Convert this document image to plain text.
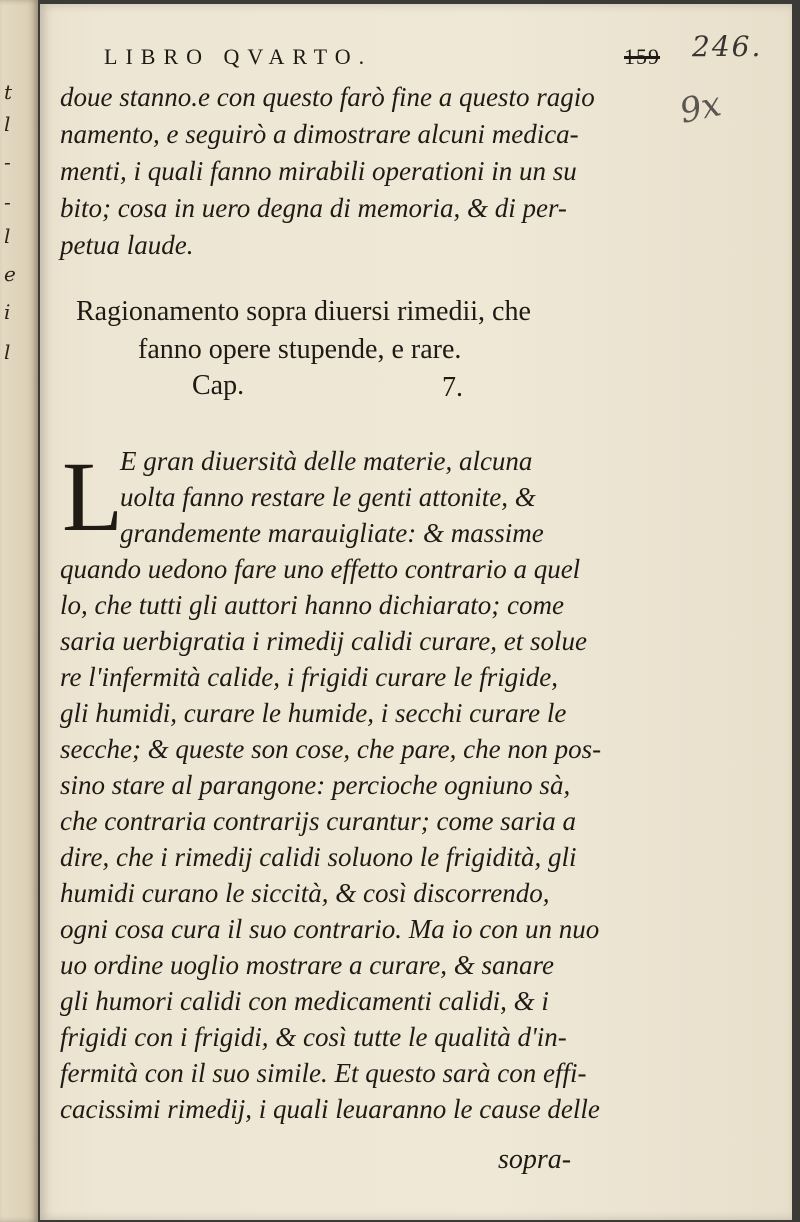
t
l
-
-
l
e
i
l
LIBRO QVARTO.	159 246.
9x
doue stanno.e con questo farò fine a questo ragio
namento, e seguirò a dimostrare alcuni medica-
menti, i quali fanno mirabili operationi in un su
bito; cosa in uero degna di memoria, & di per-
petua laude.
Ragionamento sopra diuersi rimedii, che
fanno opere stupende, e rare.
Cap.	7.
L
E gran diuersità delle materie, alcuna
uolta fanno restare le genti attonite, &
grandemente marauigliate: & massime
quando uedono fare uno effetto contrario a quel
lo, che tutti gli auttori hanno dichiarato; come
saria uerbigratia i rimedij calidi curare, et solue
re l'infermità calide, i frigidi curare le frigide,
gli humidi, curare le humide, i secchi curare le
secche; & queste son cose, che pare, che non pos-
sino stare al parangone: percioche ogniuno sà,
che contraria contrarijs curantur; come saria a
dire, che i rimedij calidi soluono le frigidità, gli
humidi curano le siccità, & così discorrendo,
ogni cosa cura il suo contrario. Ma io con un nuo
uo ordine uoglio mostrare a curare, & sanare
gli humori calidi con medicamenti calidi, & i
frigidi con i frigidi, & così tutte le qualità d'in-
fermità con il suo simile. Et questo sarà con effi-
cacissimi rimedij, i quali leuaranno le cause delle
sopra-
